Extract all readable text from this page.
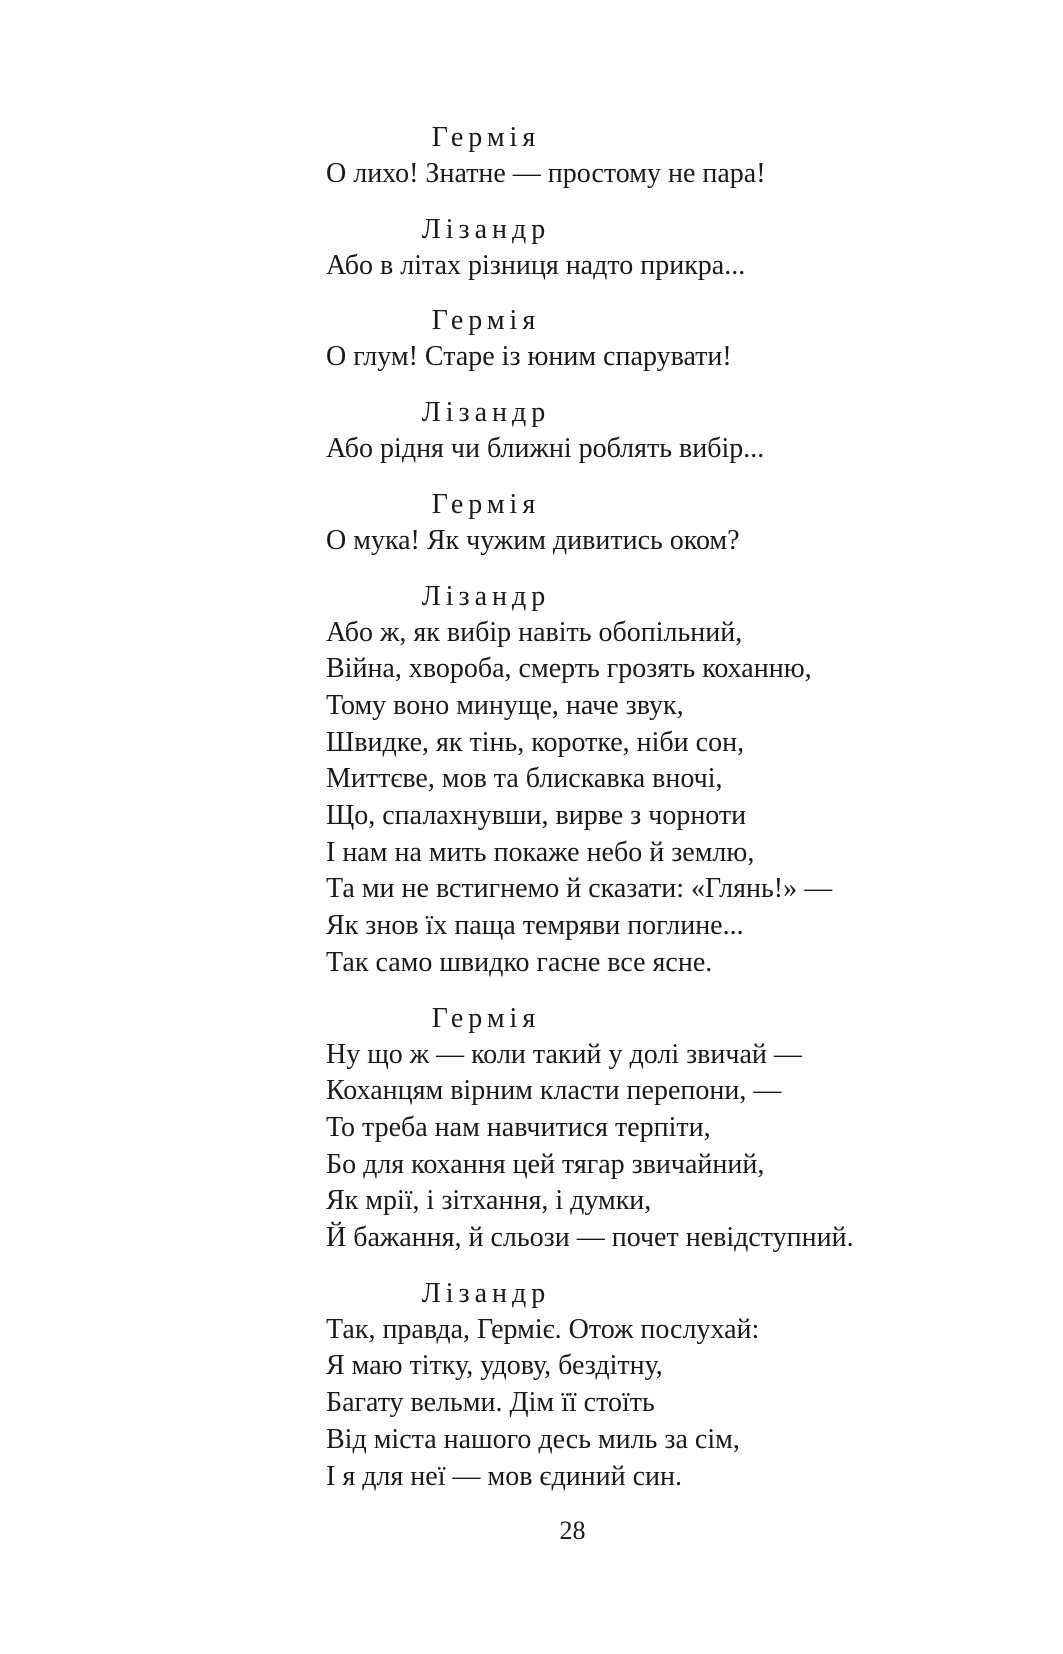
Гермія
О лихо! Знатне — простому не пара!
Лізандр
Або в літах різниця надто прикра...
Гермія
О глум! Старе із юним спарувати!
Лізандр
Або рідня чи ближні роблять вибір...
Гермія
О мука! Як чужим дивитись оком?
Лізандр
Або ж, як вибір навіть обопільний,
Війна, хвороба, смерть грозять коханню,
Тому воно минуще, наче звук,
Швидке, як тінь, коротке, ніби сон,
Миттєве, мов та блискавка вночі,
Що, спалахнувши, вирве з чорноти
І нам на мить покаже небо й землю,
Та ми не встигнемо й сказати: «Глянь!» —
Як знов їх паща темряви поглине...
Так само швидко гасне все ясне.
Гермія
Ну що ж — коли такий у долі звичай —
Коханцям вірним класти перепони, —
То треба нам навчитися терпіти,
Бо для кохання цей тягар звичайний,
Як мрії, і зітхання, і думки,
Й бажання, й сльози — почет невідступний.
Лізандр
Так, правда, Герміє. Отож послухай:
Я маю тітку, удову, бездітну,
Багату вельми. Дім її стоїть
Від міста нашого десь миль за сім,
І я для неї — мов єдиний син.
28
